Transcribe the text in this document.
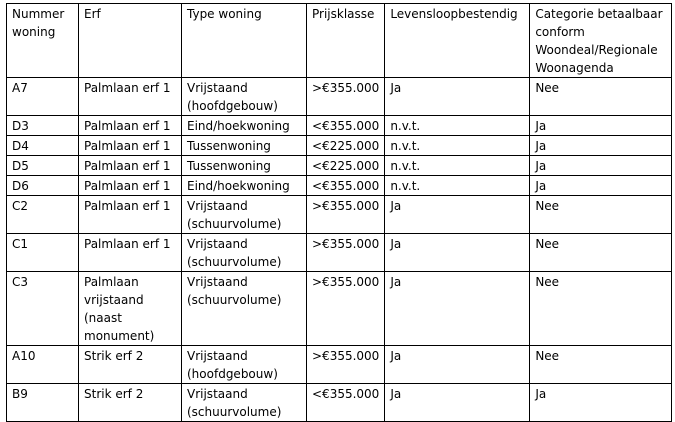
Nummer woning	Erf	Type woning	Prijsklasse	Levensloopbestendig	Categorie betaalbaar conform Woondeal/Regionale Woonagenda
A7	Palmlaan erf 1	Vrijstaand (hoofdgebouw)	>€355.000	Ja	Nee
D3	Palmlaan erf 1	Eind/hoekwoning	<€355.000	n.v.t.	Ja
D4	Palmlaan erf 1	Tussenwoning	<€225.000	n.v.t.	Ja
D5	Palmlaan erf 1	Tussenwoning	<€225.000	n.v.t.	Ja
D6	Palmlaan erf 1	Eind/hoekwoning	<€355.000	n.v.t.	Ja
C2	Palmlaan erf 1	Vrijstaand (schuurvolume)	>€355.000	Ja	Nee
C1	Palmlaan erf 1	Vrijstaand (schuurvolume)	>€355.000	Ja	Nee
C3	Palmlaan vrijstaand (naast monument)	Vrijstaand (schuurvolume)	>€355.000	Ja	Nee
A10	Strik erf 2	Vrijstaand (hoofdgebouw)	>€355.000	Ja	Nee
B9	Strik erf 2	Vrijstaand (schuurvolume)	<€355.000	Ja	Ja
